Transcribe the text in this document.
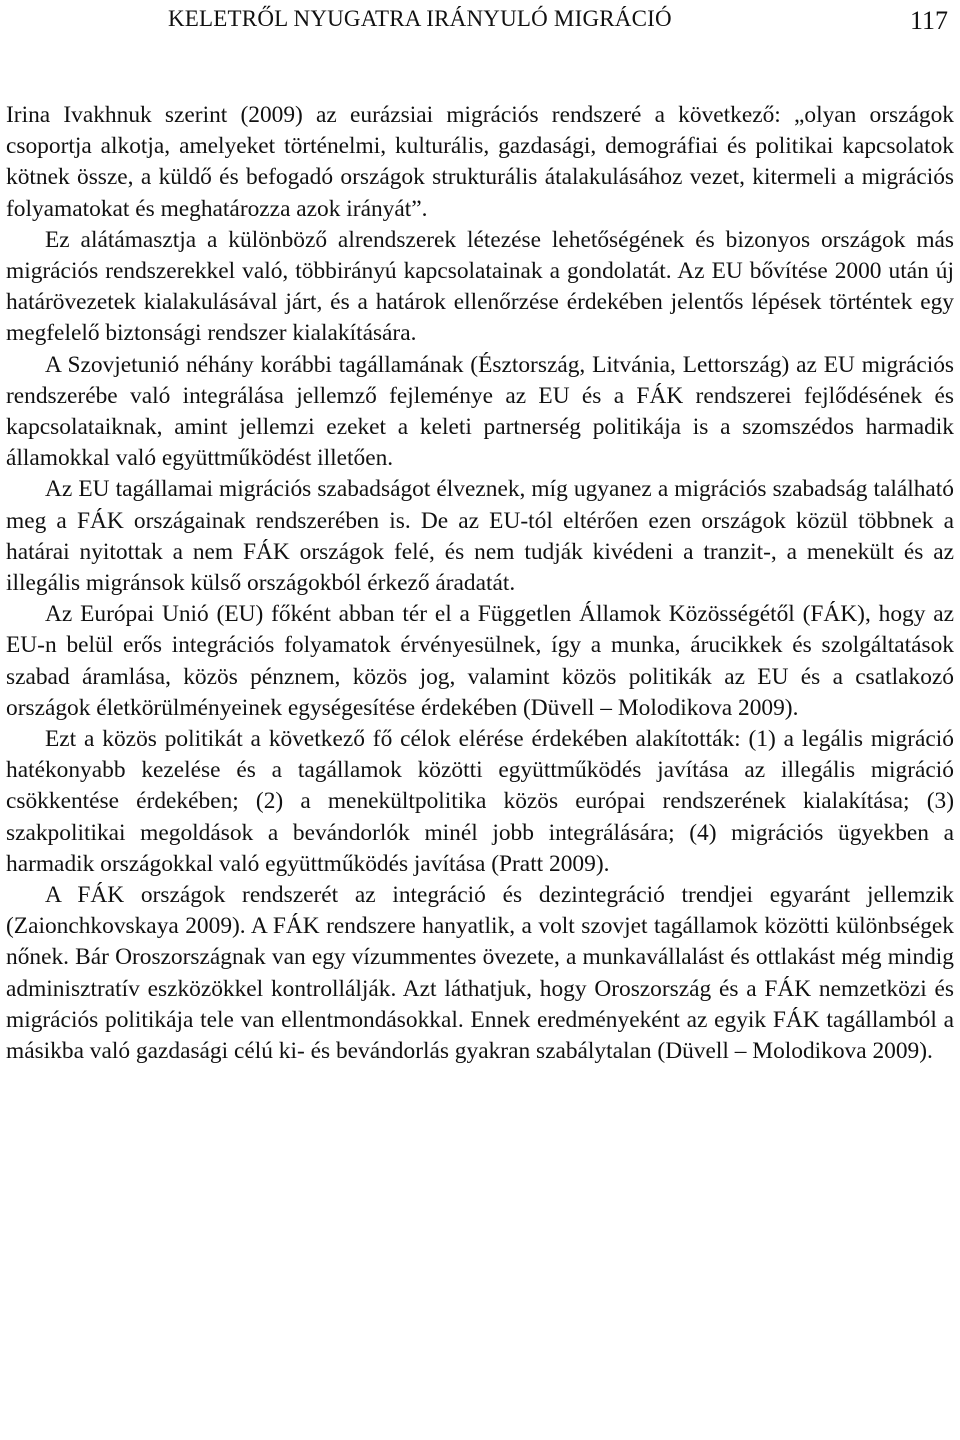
KELETRŐL NYUGATRA IRÁNYULÓ MIGRÁCIÓ	117

Irina Ivakhnuk szerint (2009) az eurázsiai migrációs rendszeré a következő: „olyan országok csoportja alkotja, amelyeket történelmi, kulturális, gazdasági, demográfiai és politikai kapcsolatok kötnek össze, a küldő és befogadó országok strukturális átalakulásához vezet, kitermeli a migrációs folyamatokat és meghatározza azok irányát”.

Ez alátámasztja a különböző alrendszerek létezése lehetőségének és bizonyos országok más migrációs rendszerekkel való, többirányú kapcsolatainak a gondolatát. Az EU bővítése 2000 után új határövezetek kialakulásával járt, és a határok ellenőrzése érdekében jelentős lépések történtek egy megfelelő biztonsági rendszer kialakítására.

A Szovjetunió néhány korábbi tagállamának (Észtország, Litvánia, Lettország) az EU migrációs rendszerébe való integrálása jellemző fejleménye az EU és a FÁK rendszerei fejlődésének és kapcsolataiknak, amint jellemzi ezeket a keleti partnerség politikája is a szomszédos harmadik államokkal való együttműködést illetően.

Az EU tagállamai migrációs szabadságot élveznek, míg ugyanez a migrációs szabadság található meg a FÁK országainak rendszerében is. De az EU-tól eltérően ezen országok közül többnek a határai nyitottak a nem FÁK országok felé, és nem tudják kivédeni a tranzit-, a menekült és az illegális migránsok külső országokból érkező áradatát.

Az Európai Unió (EU) főként abban tér el a Független Államok Közösségétől (FÁK), hogy az EU-n belül erős integrációs folyamatok érvényesülnek, így a munka, árucikkek és szolgáltatások szabad áramlása, közös pénznem, közös jog, valamint közös politikák az EU és a csatlakozó országok életkörülményeinek egységesítése érdekében (Düvell – Molodikova 2009).

Ezt a közös politikát a következő fő célok elérése érdekében alakították: (1) a legális migráció hatékonyabb kezelése és a tagállamok közötti együttműködés javítása az illegális migráció csökkentése érdekében; (2) a menekültpolitika közös európai rendszerének kialakítása; (3) szakpolitikai megoldások a bevándorlók minél jobb integrálására; (4) migrációs ügyekben a harmadik országokkal való együttműködés javítása (Pratt 2009).

A FÁK országok rendszerét az integráció és dezintegráció trendjei egyaránt jellemzik (Zaionchkovskaya 2009). A FÁK rendszere hanyatlik, a volt szovjet tagállamok közötti különbségek nőnek. Bár Oroszországnak van egy vízummentes övezete, a munkavállalást és ottlakást még mindig adminisztratív eszközökkel kontrollálják. Azt láthatjuk, hogy Oroszország és a FÁK nemzetközi és migrációs politikája tele van ellentmondásokkal. Ennek eredményeként az egyik FÁK tagállamból a másikba való gazdasági célú ki- és bevándorlás gyakran szabálytalan (Düvell – Molodikova 2009).
